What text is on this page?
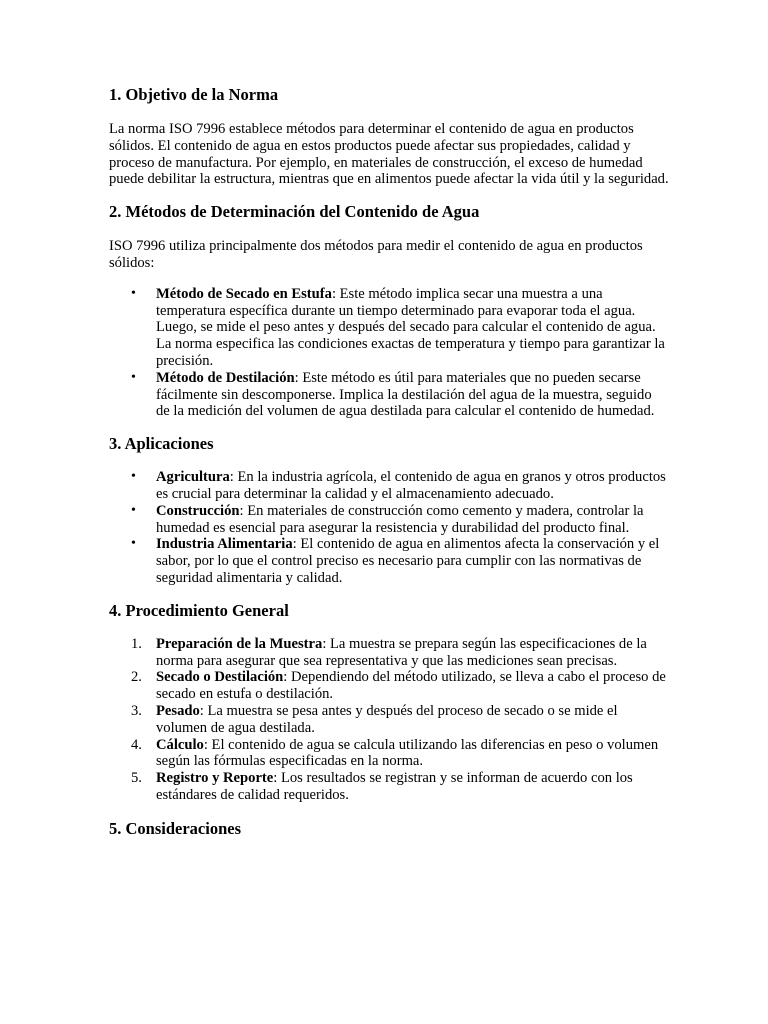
1. Objetivo de la Norma

La norma ISO 7996 establece métodos para determinar el contenido de agua en productos sólidos. El contenido de agua en estos productos puede afectar sus propiedades, calidad y proceso de manufactura. Por ejemplo, en materiales de construcción, el exceso de humedad puede debilitar la estructura, mientras que en alimentos puede afectar la vida útil y la seguridad.

2. Métodos de Determinación del Contenido de Agua

ISO 7996 utiliza principalmente dos métodos para medir el contenido de agua en productos sólidos:

•	Método de Secado en Estufa: Este método implica secar una muestra a una temperatura específica durante un tiempo determinado para evaporar toda el agua. Luego, se mide el peso antes y después del secado para calcular el contenido de agua. La norma especifica las condiciones exactas de temperatura y tiempo para garantizar la precisión.
•	Método de Destilación: Este método es útil para materiales que no pueden secarse fácilmente sin descomponerse. Implica la destilación del agua de la muestra, seguido de la medición del volumen de agua destilada para calcular el contenido de humedad.
3. Aplicaciones
•	Agricultura: En la industria agrícola, el contenido de agua en granos y otros productos es crucial para determinar la calidad y el almacenamiento adecuado.
•	Construcción: En materiales de construcción como cemento y madera, controlar la humedad es esencial para asegurar la resistencia y durabilidad del producto final.
•	Industria Alimentaria: El contenido de agua en alimentos afecta la conservación y el sabor, por lo que el control preciso es necesario para cumplir con las normativas de seguridad alimentaria y calidad.
4. Procedimiento General
1. Preparación de la Muestra: La muestra se prepara según las especificaciones de la norma para asegurar que sea representativa y que las mediciones sean precisas.
2. Secado o Destilación: Dependiendo del método utilizado, se lleva a cabo el proceso de secado en estufa o destilación.
3. Pesado: La muestra se pesa antes y después del proceso de secado o se mide el volumen de agua destilada.
4. Cálculo: El contenido de agua se calcula utilizando las diferencias en peso o volumen según las fórmulas especificadas en la norma.
5. Registro y Reporte: Los resultados se registran y se informan de acuerdo con los estándares de calidad requeridos.
5. Consideraciones
